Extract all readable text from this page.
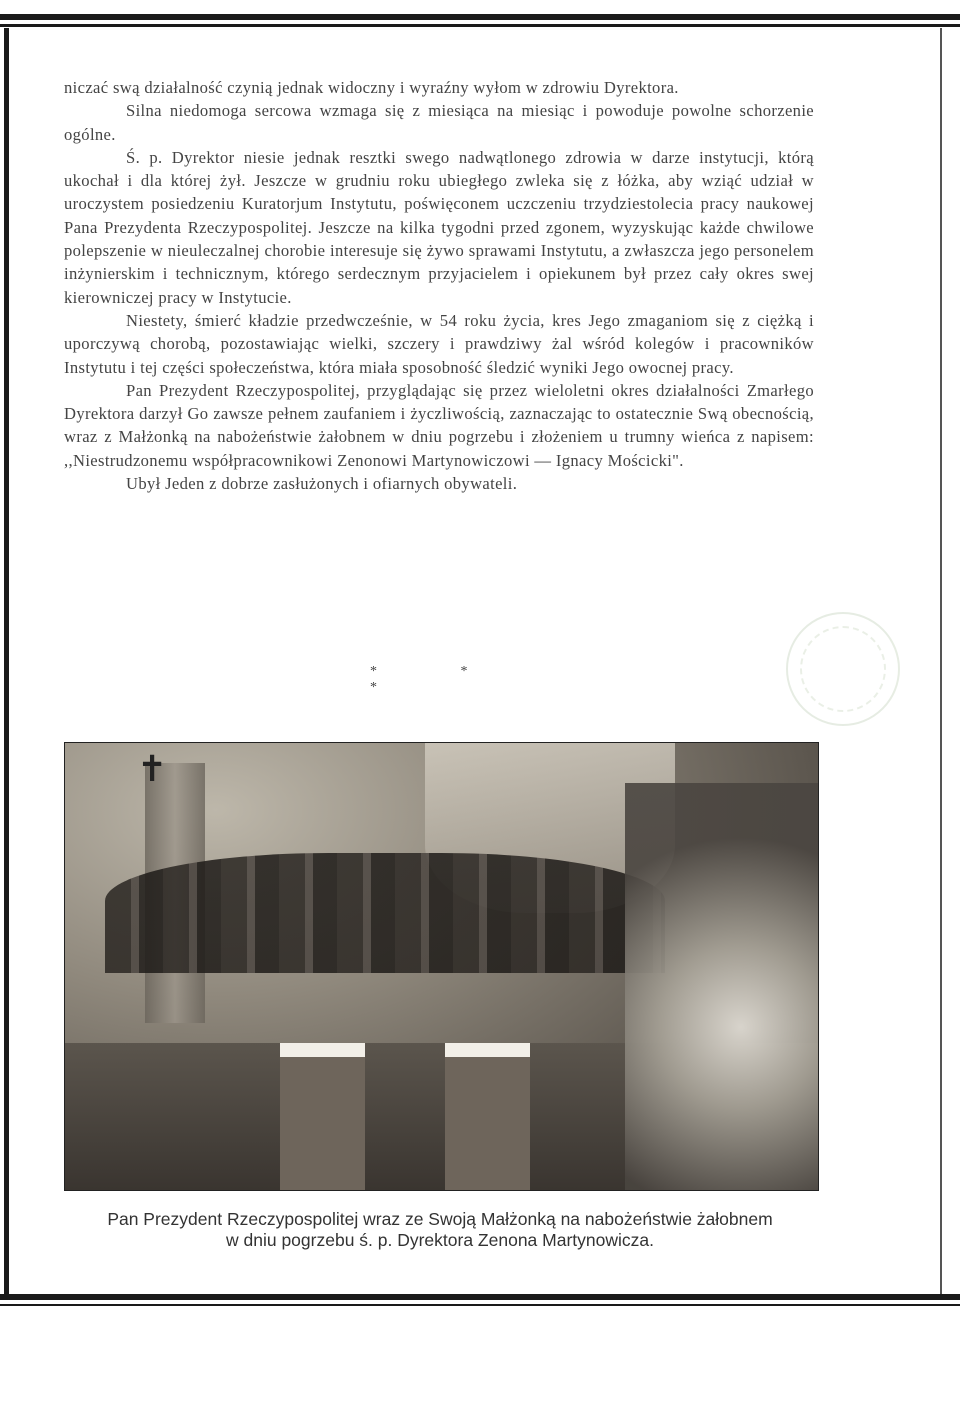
niczać swą działalność czynią jednak widoczny i wyraźny wyłom w zdrowiu Dyrektora.

Silna niedomoga sercowa wzmaga się z miesiąca na miesiąc i powoduje powolne schorzenie ogólne.

Ś. p. Dyrektor niesie jednak resztki swego nadwątlonego zdrowia w darze instytucji, którą ukochał i dla której żył. Jeszcze w grudniu roku ubiegłego zwleka się z łóżka, aby wziąć udział w uroczystem posiedzeniu Kuratorjum Instytutu, poświęconem uczczeniu trzydziestolecia pracy naukowej Pana Prezydenta Rzeczypospolitej. Jeszcze na kilka tygodni przed zgonem, wyzyskując każde chwilowe polepszenie w nieuleczalnej chorobie interesuje się żywo sprawami Instytutu, a zwłaszcza jego personelem inżynierskim i technicznym, którego serdecznym przyjacielem i opiekunem był przez cały okres swej kierowniczej pracy w Instytucie.

Niestety, śmierć kładzie przedwcześnie, w 54 roku życia, kres Jego zmaganiom się z ciężką i uporczywą chorobą, pozostawiając wielki, szczery i prawdziwy żal wśród kolegów i pracowników Instytutu i tej części społeczeństwa, która miała sposobność śledzić wyniki Jego owocnej pracy.

Pan Prezydent Rzeczypospolitej, przyglądając się przez wieloletni okres działalności Zmarłego Dyrektora darzył Go zawsze pełnem zaufaniem i życzliwością, zaznaczając to ostatecznie Swą obecnością, wraz z Małżonką na nabożeństwie żałobnem w dniu pogrzebu i złożeniem u trumny wieńca z napisem: ,,Niestrudzonemu współpracownikowi Zenonowi Martynowiczowi — Ignacy Mościcki".

Ubył Jeden z dobrze zasłużonych i ofiarnych obywateli.

* * *
✝
Pan Prezydent Rzeczypospolitej wraz ze Swoją Małżonką na nabożeństwie żałobnem
w dniu pogrzebu ś. p. Dyrektora Zenona Martynowicza.
